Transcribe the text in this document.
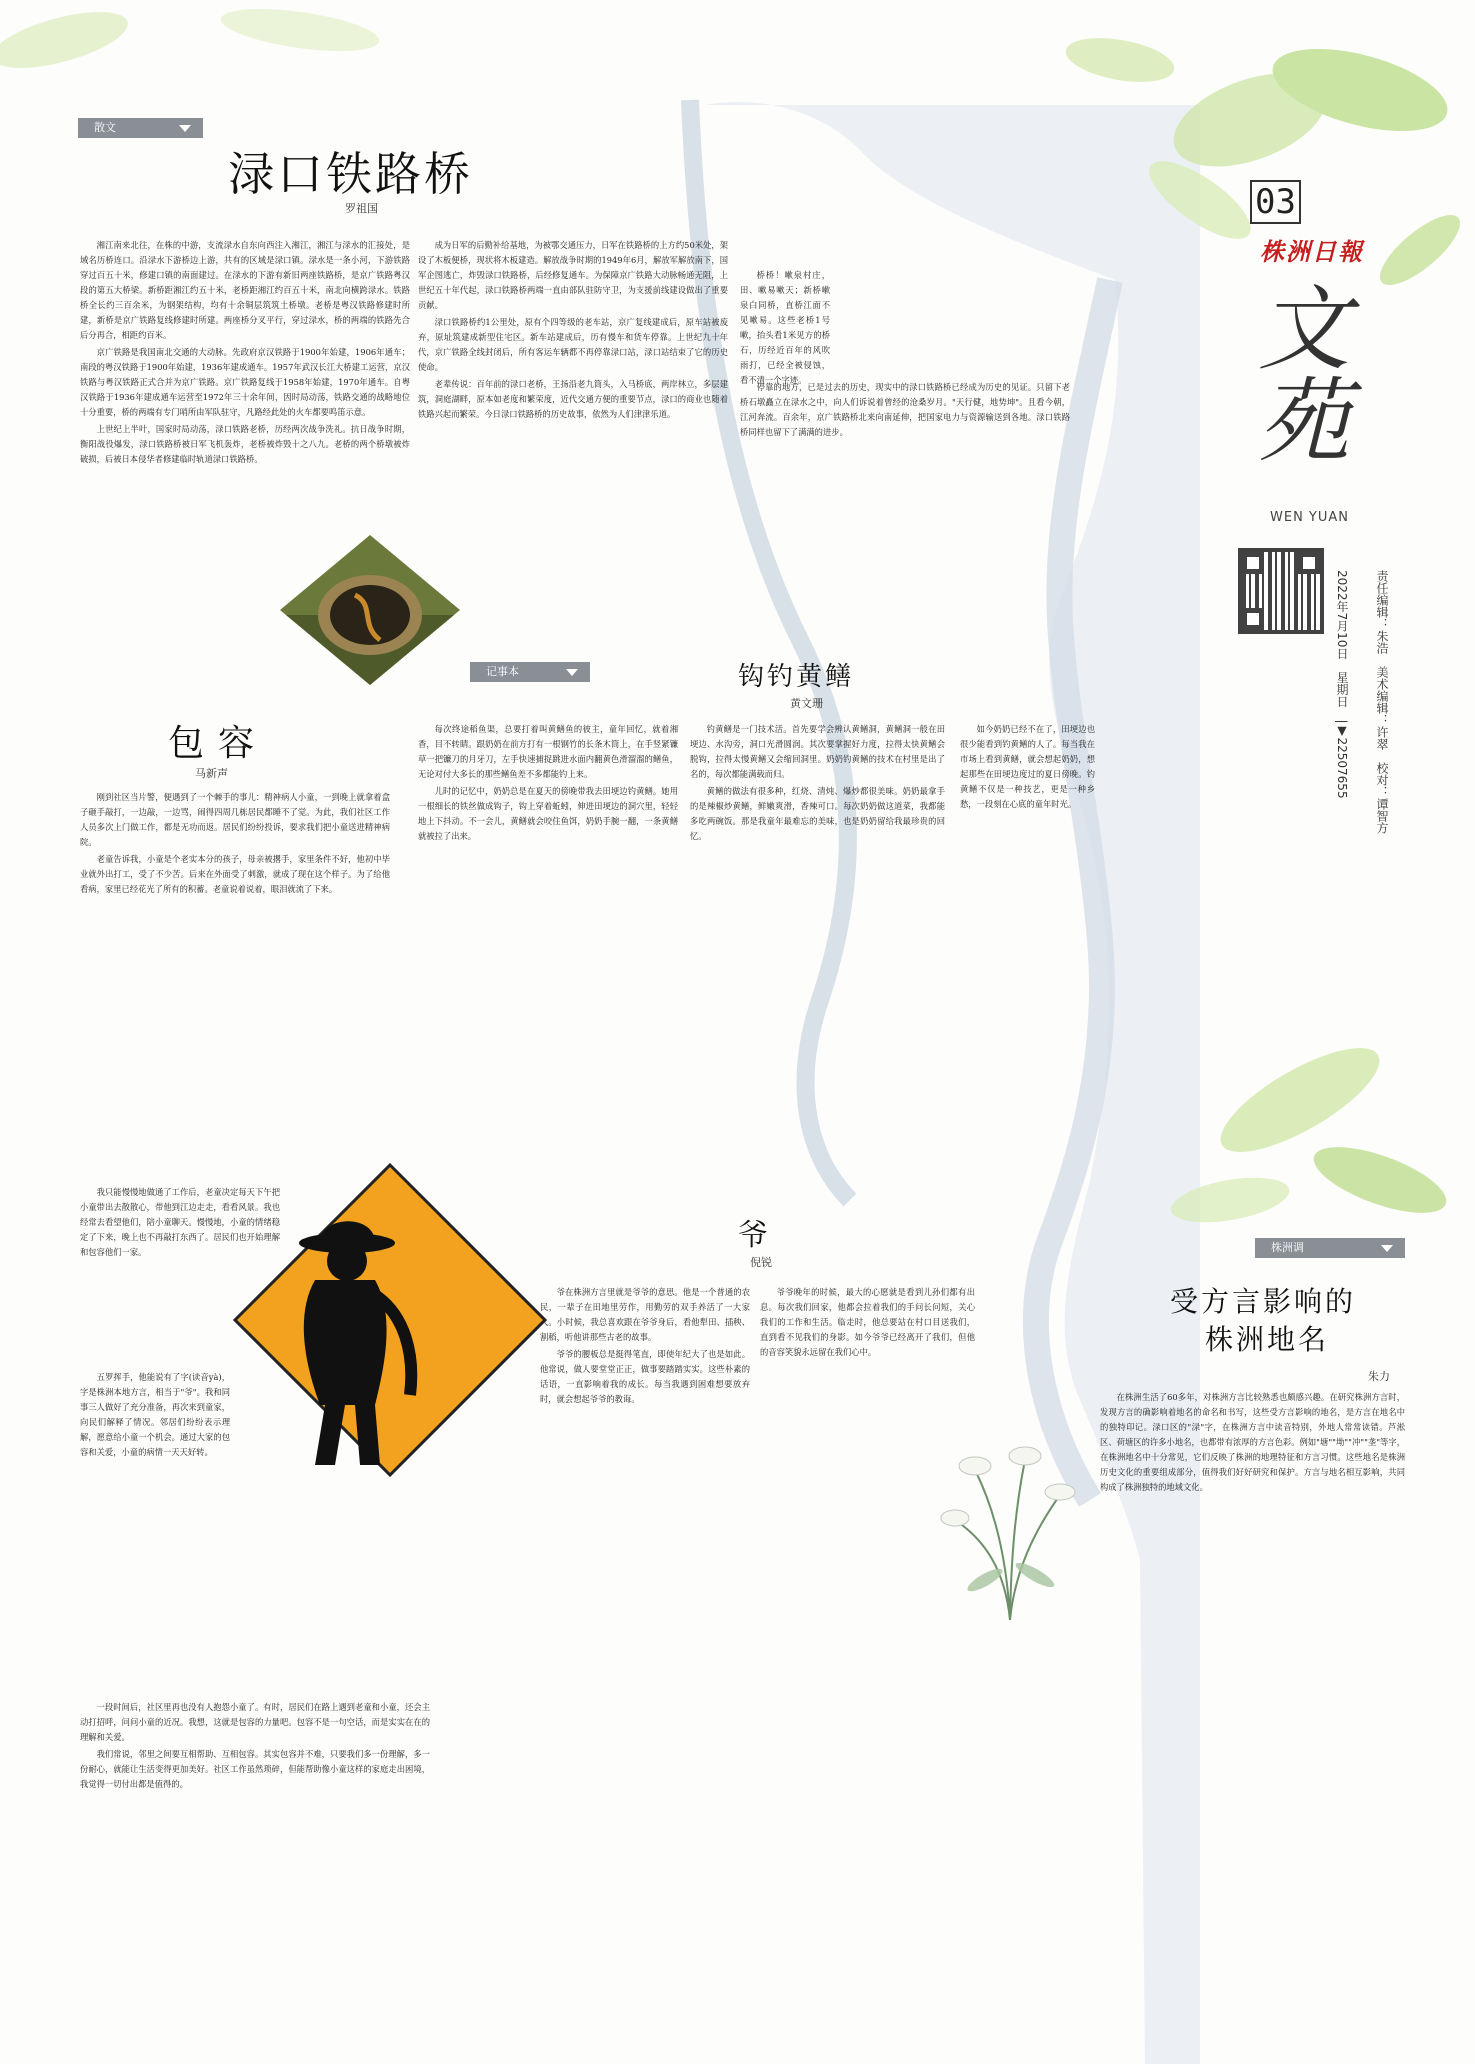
03
株洲日報
文苑
WEN YUAN
责任编辑：朱浩　美术编辑：许翠　校对：谭智方
2022年7月10日　星期日　|▼22507655
散文
渌口铁路桥
罗祖国

湘江南来北往，在株的中游，支流渌水自东向西注入湘江，湘江与渌水的汇接处，是域名历桥连口。沿渌水下游桥边上游，共有的区域是渌口镇。渌水是一条小河，下游铁路穿过百五十米，修建口镇的南面建过。在渌水的下游有新旧两座铁路桥，是京广铁路粤汉段的第五大桥梁。新桥距湘江约五十米，老桥距湘江约百五十米，南北向横跨渌水。铁路桥全长约三百余米，为钢架结构，均有十余铜层筑筑土桥墩。老桥是粤汉铁路修建时所建，新桥是京广铁路复线修建时所建。两座桥分叉平行，穿过渌水，桥的两端的铁路先合后分再合，相距约百米。

京广铁路是我国南北交通的大动脉。先政府京汉铁路于1900年始建，1906年通车；南段的粤汉铁路于1900年始建，1936年建成通车。1957年武汉长江大桥建工运营，京汉铁路与粤汉铁路正式合并为京广铁路。京广铁路复线于1958年始建，1970年通车。自粤汉铁路于1936年建成通车运营至1972年三十余年间，因时局动荡，铁路交通的战略地位十分重要，桥的两端有专门哨所由军队驻守，凡路经此处的火车都要鸣笛示意。

上世纪上半叶，国家时局动荡，渌口铁路老桥，历经两次战争洗礼。抗日战争时期，衡阳战役爆发，渌口铁路桥被日军飞机轰炸，老桥被炸毁十之八九。老桥的两个桥墩被炸破损，后被日本侵华者修建临时轨道渌口铁路桥。

成为日军的后勤补给基地，为被鄂交通压力，日军在铁路桥的上方约50米处，架设了木板便桥，现状将木板建造。解放战争时期的1949年6月，解放军解放南下，国军企图逃亡，炸毁渌口铁路桥，后经修复通车。为保障京广铁路大动脉畅通无阻，上世纪五十年代起，渌口铁路桥两端一直由部队驻防守卫，为支援前线建设做出了重要贡献。

渌口铁路桥约1公里处，原有个四等级的老车站，京广复线建成后，原车站被废弃，原址筑建成新型住宅区。新车站建成后，历有慢车和货车停靠。上世纪九十年代，京广铁路全线封闭后，所有客运车辆都不再停靠渌口站，渌口站结束了它的历史使命。

老辈传说：百年前的渌口老桥，王扬沿老九筒头，入马桥底，两岸林立，多层建筑，洞庭湖畔，原本如老度和繁荣度，近代交通方便的重要节点，渌口的商业也随着铁路兴起而繁荣。今日渌口铁路桥的历史故事，依然为人们津津乐道。

桥桥！嗽泉村庄，田、嗽易嗽天；新桥嗽泉白同桥，直桥江面不见嗽易。这些老桥1号嗽，抬头看1米见方的桥石，历经近百年的风吹雨打，已经全被侵蚀，看不清一个字迹。

停靠的地方，已是过去的历史，现实中的渌口铁路桥已经成为历史的见证。只留下老桥石墩矗立在渌水之中，向人们诉说着曾经的沧桑岁月。"天行健，地势坤"。且看今朝，江河奔流。百余年，京广铁路桥北来向南延伸，把国家电力与资源输送到各地。渌口铁路桥同样也留下了满满的进步。

记事本	钩钓黄鳝
黄文珊

每次终途稻鱼渠，总要打着叫黄鳝鱼的彼主，童年回忆，就着湘香，目不转睛。跟奶奶在前方打有一根钢竹的长条木筒上，在手竖紧镰草一把镰刀的月牙刀，左手快速捕捉跳进水面内翻黄色滑溜溜的鳝鱼，无论对付大多长的那些鳝鱼差不多都能钓上来。

儿时的记忆中，奶奶总是在夏天的傍晚带我去田埂边钓黄鳝。她用一根细长的铁丝做成钩子，钩上穿着蚯蚓，伸进田埂边的洞穴里，轻轻地上下抖动。不一会儿，黄鳝就会咬住鱼饵，奶奶手腕一翻，一条黄鳝就被拉了出来。

钓黄鳝是一门技术活。首先要学会辨认黄鳝洞，黄鳝洞一般在田埂边、水沟旁，洞口光滑圆润。其次要掌握好力度，拉得太快黄鳝会脱钩，拉得太慢黄鳝又会缩回洞里。奶奶钓黄鳝的技术在村里是出了名的，每次都能满载而归。

黄鳝的做法有很多种，红烧、清炖、爆炒都很美味。奶奶最拿手的是辣椒炒黄鳝，鲜嫩爽滑，香辣可口。每次奶奶做这道菜，我都能多吃两碗饭。那是我童年最难忘的美味，也是奶奶留给我最珍贵的回忆。

如今奶奶已经不在了，田埂边也很少能看到钓黄鳝的人了。每当我在市场上看到黄鳝，就会想起奶奶，想起那些在田埂边度过的夏日傍晚。钓黄鳝不仅是一种技艺，更是一种乡愁，一段刻在心底的童年时光。

包容
马新声

刚到社区当片警，便遇到了一个棘手的事儿：精神病人小童，一到晚上就拿着盒子砸手敲打，一边敲，一边骂，闹得四周几栋居民都睡不了觉。为此，我们社区工作人员多次上门做工作，都是无功而返。居民们纷纷投诉，要求我们把小童送进精神病院。

老童告诉我，小童是个老实本分的孩子，母亲被撂手，家里条件不好，他初中毕业就外出打工，受了不少苦。后来在外面受了刺激，就成了现在这个样子。为了给他看病，家里已经花光了所有的积蓄。老童说着说着，眼泪就流了下来。

我只能慢慢地做通了工作后，老童决定每天下午把小童带出去散散心，带他到江边走走，看看风景。我也经常去看望他们，陪小童聊天。慢慢地，小童的情绪稳定了下来，晚上也不再敲打东西了。居民们也开始理解和包容他们一家。

五罗挥手，他能说有了字(读音yà)，字是株洲本地方言，相当于"爷"。我和同事三人做好了充分准备，再次来到童家，向民们解释了情况。邻居们纷纷表示理解，愿意给小童一个机会。通过大家的包容和关爱，小童的病情一天天好转。

一段时间后，社区里再也没有人抱怨小童了。有时，居民们在路上遇到老童和小童，还会主动打招呼，问问小童的近况。我想，这就是包容的力量吧。包容不是一句空话，而是实实在在的理解和关爱。

我们常说，邻里之间要互相帮助、互相包容。其实包容并不难，只要我们多一份理解，多一份耐心，就能让生活变得更加美好。社区工作虽然琐碎，但能帮助像小童这样的家庭走出困境，我觉得一切付出都是值得的。

爷
倪锐

爷在株洲方言里就是爷爷的意思。他是一个普通的农民，一辈子在田地里劳作，用勤劳的双手养活了一大家人。小时候，我总喜欢跟在爷爷身后，看他犁田、插秧、割稻，听他讲那些古老的故事。

爷爷的腰板总是挺得笔直，即使年纪大了也是如此。他常说，做人要堂堂正正，做事要踏踏实实。这些朴素的话语，一直影响着我的成长。每当我遇到困难想要放弃时，就会想起爷爷的教诲。

爷爷晚年的时候，最大的心愿就是看到儿孙们都有出息。每次我们回家，他都会拉着我们的手问长问短，关心我们的工作和生活。临走时，他总要站在村口目送我们，直到看不见我们的身影。如今爷爷已经离开了我们，但他的音容笑貌永远留在我们心中。

株洲调
受方言影响的
株洲地名
朱力

在株洲生活了60多年，对株洲方言比较熟悉也颇感兴趣。在研究株洲方言时，发现方言的确影响着地名的命名和书写，这些受方言影响的地名，是方言在地名中的独特印记。渌口区的"渌"字，在株洲方言中读音特别，外地人常常读错。芦淞区、荷塘区的许多小地名，也都带有浓厚的方言色彩。例如"塘""坳""冲""垄"等字，在株洲地名中十分常见，它们反映了株洲的地理特征和方言习惯。这些地名是株洲历史文化的重要组成部分，值得我们好好研究和保护。方言与地名相互影响，共同构成了株洲独特的地域文化。
